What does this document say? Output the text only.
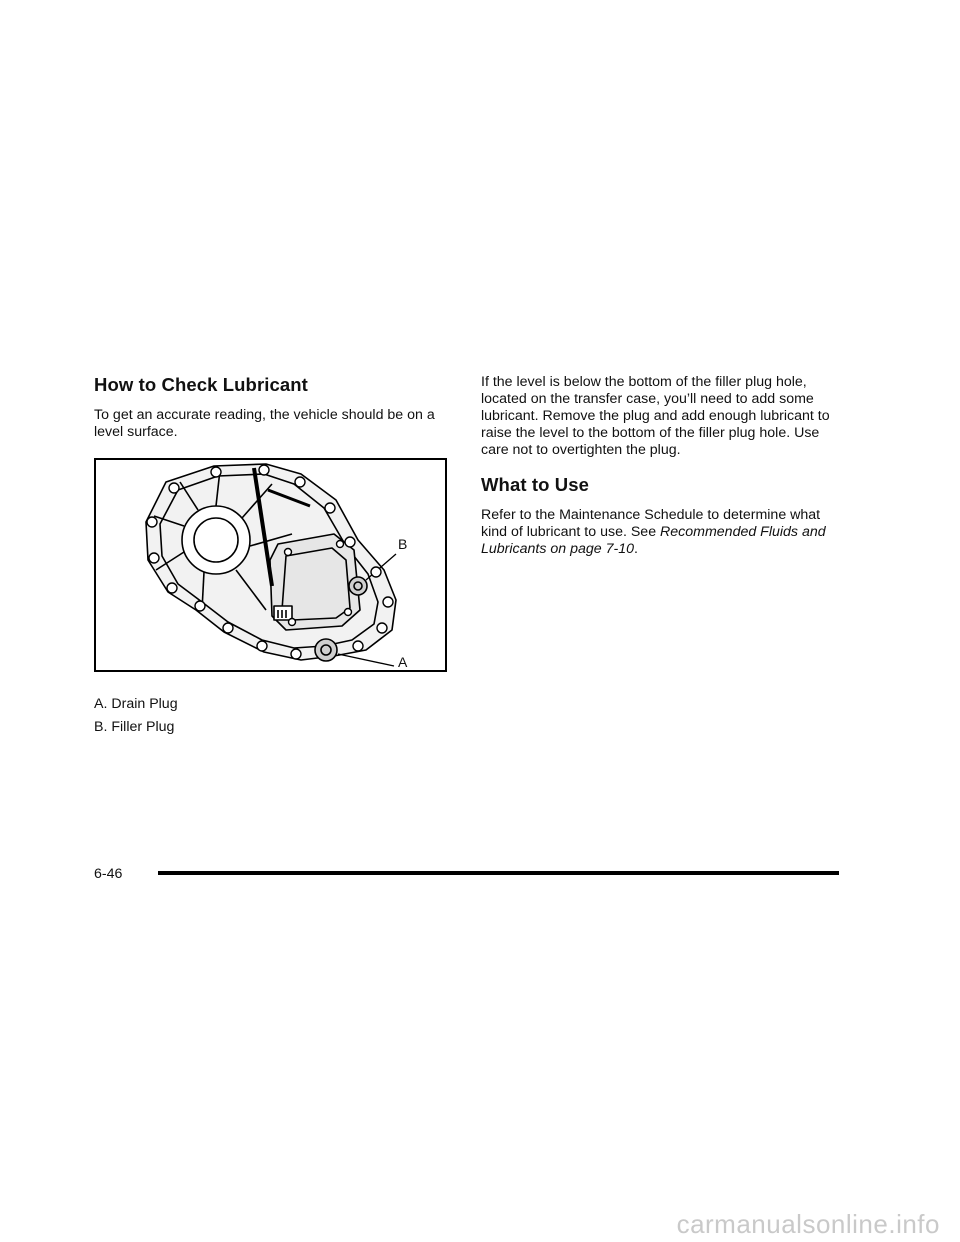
How to Check Lubricant

To get an accurate reading, the vehicle should be on a level surface.

B
A
A. Drain Plug
B. Filler Plug

If the level is below the bottom of the filler plug hole, located on the transfer case, you’ll need to add some lubricant. Remove the plug and add enough lubricant to raise the level to the bottom of the filler plug hole. Use care not to overtighten the plug.

What to Use

Refer to the Maintenance Schedule to determine what kind of lubricant to use. See Recommended Fluids and Lubricants on page 7-10.

6-46
carmanualsonline.info
